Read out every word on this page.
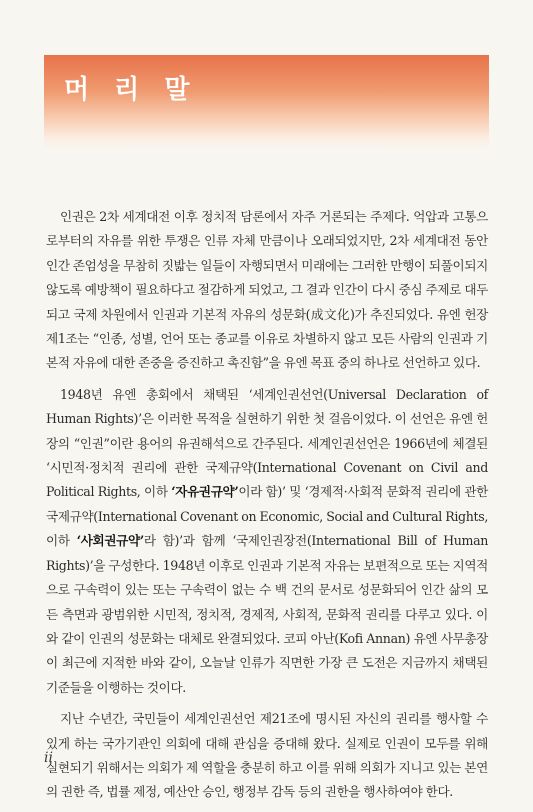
머 리 말

인권은 2차 세계대전 이후 정치적 담론에서 자주 거론되는 주제다. 억압과 고통으로부터의 자유를 위한 투쟁은 인류 자체 만큼이나 오래되었지만, 2차 세계대전 동안 인간 존엄성을 무참히 짓밟는 일들이 자행되면서 미래에는 그러한 만행이 되풀이되지 않도록 예방책이 필요하다고 절감하게 되었고, 그 결과 인간이 다시 중심 주제로 대두되고 국제 차원에서 인권과 기본적 자유의 성문화(成文化)가 추진되었다. 유엔 헌장 제1조는 “인종, 성별, 언어 또는 종교를 이유로 차별하지 않고 모든 사람의 인권과 기본적 자유에 대한 존중을 증진하고 촉진함”을 유엔 목표 중의 하나로 선언하고 있다.

1948년 유엔 총회에서 채택된 ‘세계인권선언(Universal Declaration of Human Rights)’은 이러한 목적을 실현하기 위한 첫 걸음이었다. 이 선언은 유엔 헌장의 “인권”이란 용어의 유권해석으로 간주된다. 세계인권선언은 1966년에 체결된 ‘시민적·정치적 권리에 관한 국제규약(International Covenant on Civil and Political Rights, 이하 ‘자유권규약’이라 함)’ 및 ‘경제적·사회적 문화적 권리에 관한 국제규약(International Covenant on Economic, Social and Cultural Rights, 이하 ‘사회권규약’라 함)’과 함께 ‘국제인권장전(International Bill of Human Rights)’을 구성한다. 1948년 이후로 인권과 기본적 자유는 보편적으로 또는 지역적으로 구속력이 있는 또는 구속력이 없는 수 백 건의 문서로 성문화되어 인간 삶의 모든 측면과 광범위한 시민적, 정치적, 경제적, 사회적, 문화적 권리를 다루고 있다. 이와 같이 인권의 성문화는 대체로 완결되었다. 코피 아난(Kofi Annan) 유엔 사무총장이 최근에 지적한 바와 같이, 오늘날 인류가 직면한 가장 큰 도전은 지금까지 채택된 기준들을 이행하는 것이다.

지난 수년간, 국민들이 세계인권선언 제21조에 명시된 자신의 권리를 행사할 수 있게 하는 국가기관인 의회에 대해 관심을 증대해 왔다. 실제로 인권이 모두를 위해 실현되기 위해서는 의회가 제 역할을 충분히 하고 이를 위해 의회가 지니고 있는 본연의 권한 즉, 법률 제정, 예산안 승인, 행정부 감독 등의 권한을 행사하여야 한다.

ii
